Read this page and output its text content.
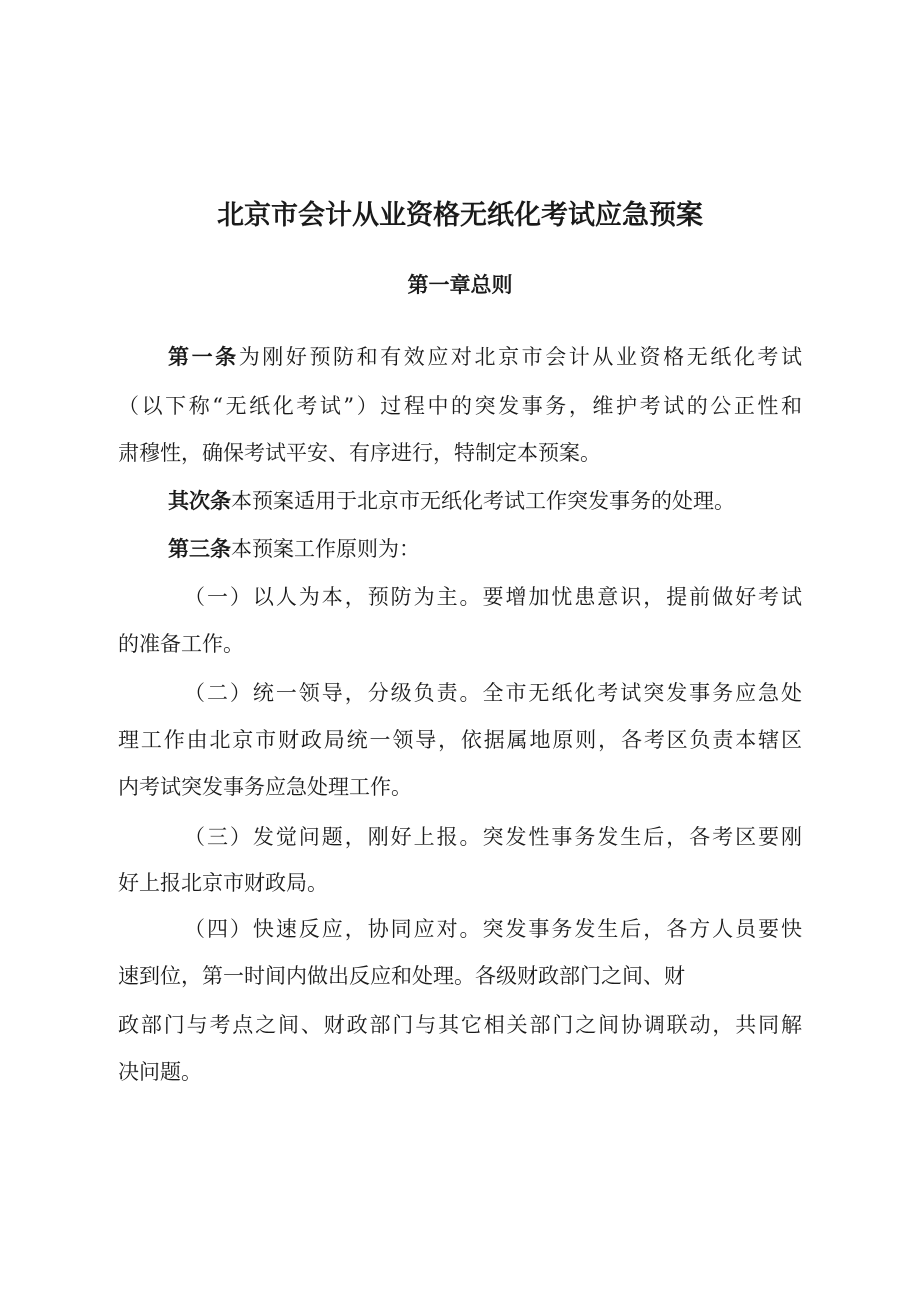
北京市会计从业资格无纸化考试应急预案
第一章总则
第一条为刚好预防和有效应对北京市会计从业资格无纸化考试
（以下称“无纸化考试”）过程中的突发事务，维护考试的公正性和
肃穆性，确保考试平安、有序进行，特制定本预案。
其次条本预案适用于北京市无纸化考试工作突发事务的处理。
第三条本预案工作原则为：
（一）以人为本，预防为主。要增加忧患意识，提前做好考试
的准备工作。
（二）统一领导，分级负责。全市无纸化考试突发事务应急处
理工作由北京市财政局统一领导，依据属地原则，各考区负责本辖区
内考试突发事务应急处理工作。
（三）发觉问题，刚好上报。突发性事务发生后，各考区要刚
好上报北京市财政局。
（四）快速反应，协同应对。突发事务发生后，各方人员要快
速到位，第一时间内做出反应和处理。各级财政部门之间、财
政部门与考点之间、财政部门与其它相关部门之间协调联动，共同解
决问题。
